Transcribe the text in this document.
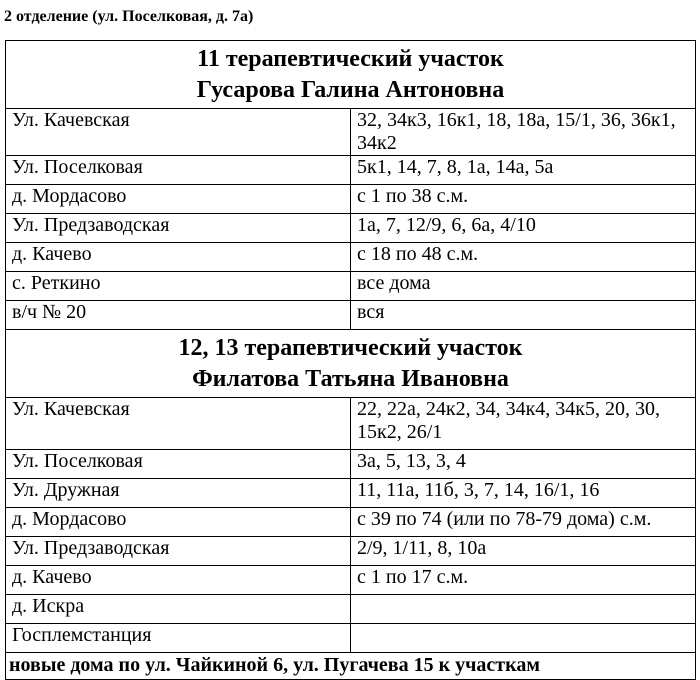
2 отделение (ул. Поселковая, д. 7а)
11 терапевтический участок
Гусарова Галина Антоновна	

Ул. Качевская	32, 34к3, 16к1, 18, 18а, 15/1, 36, 36к1, 34к2
Ул. Поселковая	5к1, 14, 7, 8, 1а, 14а, 5а
д. Мордасово	с 1 по 38 с.м.
Ул. Предзаводская	1а, 7, 12/9, 6, 6а, 4/10
д. Качево	с 18 по 48 с.м.
с. Реткино	все дома
в/ч № 20	вся

12, 13 терапевтический участок
Филатова Татьяна Ивановна	

Ул. Качевская	22, 22а, 24к2, 34, 34к4, 34к5, 20, 30, 15к2, 26/1
Ул. Поселковая	3а, 5, 13, 3, 4
Ул. Дружная	11, 11а, 11б, 3, 7, 14, 16/1, 16
д. Мордасово	с 39 по 74 (или по 78-79 дома) с.м.
Ул. Предзаводская	2/9, 1/11, 8, 10а
д. Качево	с 1 по 17 с.м.
д. Искра	
Госплемстанция	
новые дома по ул. Чайкиной 6, ул. Пугачева 15 к участкам	
